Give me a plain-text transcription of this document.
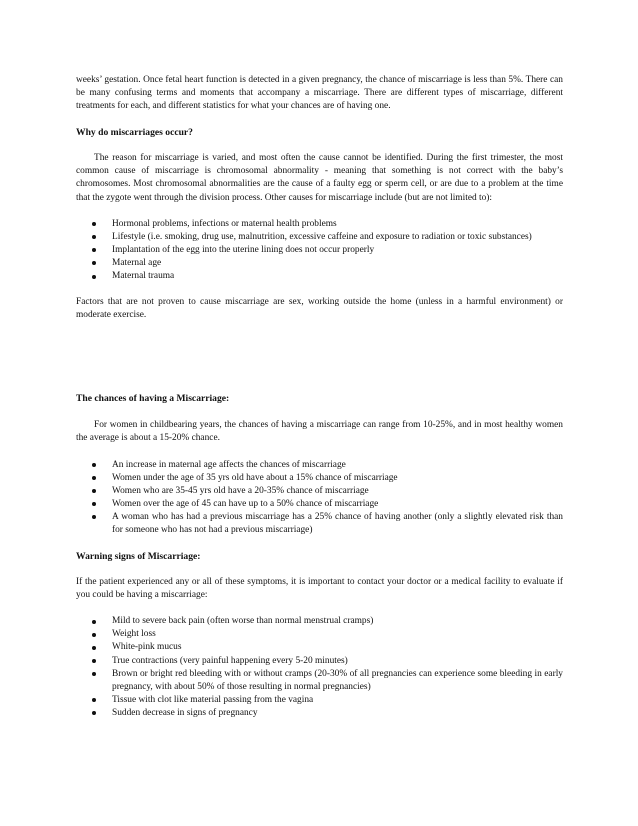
weeks’ gestation. Once fetal heart function is detected in a given pregnancy, the chance of miscarriage is less than 5%. There can be many confusing terms and moments that accompany a miscarriage. There are different types of miscarriage, different treatments for each, and different statistics for what your chances are of having one.

Why do miscarriages occur?

The reason for miscarriage is varied, and most often the cause cannot be identified. During the first trimester, the most common cause of miscarriage is chromosomal abnormality - meaning that something is not correct with the baby’s chromosomes. Most chromosomal abnormalities are the cause of a faulty egg or sperm cell, or are due to a problem at the time that the zygote went through the division process. Other causes for miscarriage include (but are not limited to):

Hormonal problems, infections or maternal health problems
Lifestyle (i.e. smoking, drug use, malnutrition, excessive caffeine and exposure to radiation or toxic substances)
Implantation of the egg into the uterine lining does not occur properly
Maternal age
Maternal trauma

Factors that are not proven to cause miscarriage are sex, working outside the home (unless in a harmful environment) or moderate exercise.

The chances of having a Miscarriage:

For women in childbearing years, the chances of having a miscarriage can range from 10-25%, and in most healthy women the average is about a 15-20% chance.

An increase in maternal age affects the chances of miscarriage
Women under the age of 35 yrs old have about a 15% chance of miscarriage
Women who are 35-45 yrs old have a 20-35% chance of miscarriage
Women over the age of 45 can have up to a 50% chance of miscarriage
A woman who has had a previous miscarriage has a 25% chance of having another (only a slightly elevated risk than for someone who has not had a previous miscarriage)
Warning signs of Miscarriage:

If the patient experienced any or all of these symptoms, it is important to contact your doctor or a medical facility to evaluate if you could be having a miscarriage:

Mild to severe back pain (often worse than normal menstrual cramps)
Weight loss
White-pink mucus
True contractions (very painful happening every 5-20 minutes)
Brown or bright red bleeding with or without cramps (20-30% of all pregnancies can experience some bleeding in early pregnancy, with about 50% of those resulting in normal pregnancies)
Tissue with clot like material passing from the vagina
Sudden decrease in signs of pregnancy
